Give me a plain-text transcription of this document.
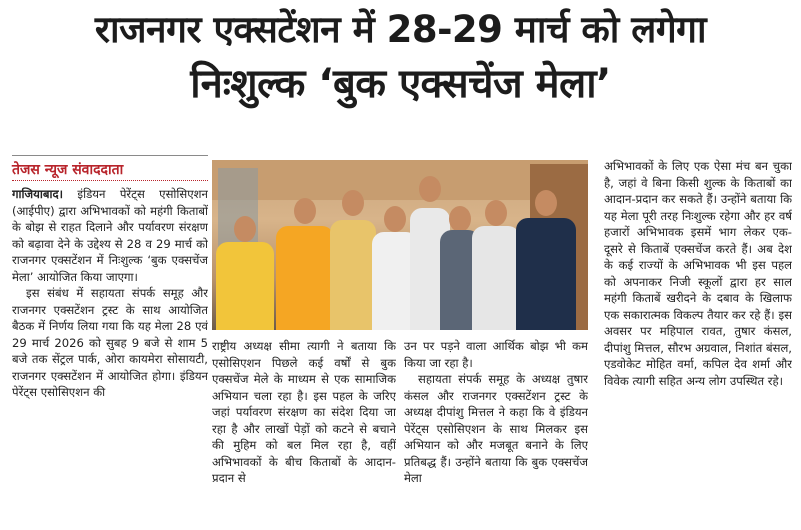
राजनगर एक्सटेंशन में 28-29 मार्च को लगेगा
निःशुल्क ‘बुक एक्सचेंज मेला’
तेजस न्यूज संवाददाता

गाजियाबाद। इंडियन पेरेंट्स एसोसिएशन (आईपीए) द्वारा अभिभावकों को महंगी किताबों के बोझ से राहत दिलाने और पर्यावरण संरक्षण को बढ़ावा देने के उद्देश्य से 28 व 29 मार्च को राजनगर एक्सटेंशन में निःशुल्क ‘बुक एक्सचेंज मेला’ आयोजित किया जाएगा।

इस संबंध में सहायता संपर्क समूह और राजनगर एक्सटेंशन ट्रस्ट के साथ आयोजित बैठक में निर्णय लिया गया कि यह मेला 28 एवं 29 मार्च 2026 को सुबह 9 बजे से शाम 5 बजे तक सेंट्रल पार्क, ओरा कायमेरा सोसायटी, राजनगर एक्सटेंशन में आयोजित होगा। इंडियन पेरेंट्स एसोसिएशन की

राष्ट्रीय अध्यक्ष सीमा त्यागी ने बताया कि एसोसिएशन पिछले कई वर्षों से बुक एक्सचेंज मेले के माध्यम से एक सामाजिक अभियान चला रहा है। इस पहल के जरिए जहां पर्यावरण संरक्षण का संदेश दिया जा रहा है और लाखों पेड़ों को कटने से बचाने की मुहिम को बल मिल रहा है, वहीं अभिभावकों के बीच किताबों के आदान-प्रदान से

उन पर पड़ने वाला आर्थिक बोझ भी कम किया जा रहा है।

सहायता संपर्क समूह के अध्यक्ष तुषार कंसल और राजनगर एक्सटेंशन ट्रस्ट के अध्यक्ष दीपांशु मित्तल ने कहा कि वे इंडियन पेरेंट्स एसोसिएशन के साथ मिलकर इस अभियान को और मजबूत बनाने के लिए प्रतिबद्ध हैं। उन्होंने बताया कि बुक एक्सचेंज मेला

अभिभावकों के लिए एक ऐसा मंच बन चुका है, जहां वे बिना किसी शुल्क के किताबों का आदान-प्रदान कर सकते हैं। उन्होंने बताया कि यह मेला पूरी तरह निःशुल्क रहेगा और हर वर्ष हजारों अभिभावक इसमें भाग लेकर एक-दूसरे से किताबें एक्सचेंज करते हैं। अब देश के कई राज्यों के अभिभावक भी इस पहल को अपनाकर निजी स्कूलों द्वारा हर साल महंगी किताबें खरीदने के दबाव के खिलाफ एक सकारात्मक विकल्प तैयार कर रहे हैं। इस अवसर पर महिपाल रावत, तुषार कंसल, दीपांशु मित्तल, सौरभ अग्रवाल, निशांत बंसल, एडवोकेट मोहित वर्मा, कपिल देव शर्मा और विवेक त्यागी सहित अन्य लोग उपस्थित रहे।
